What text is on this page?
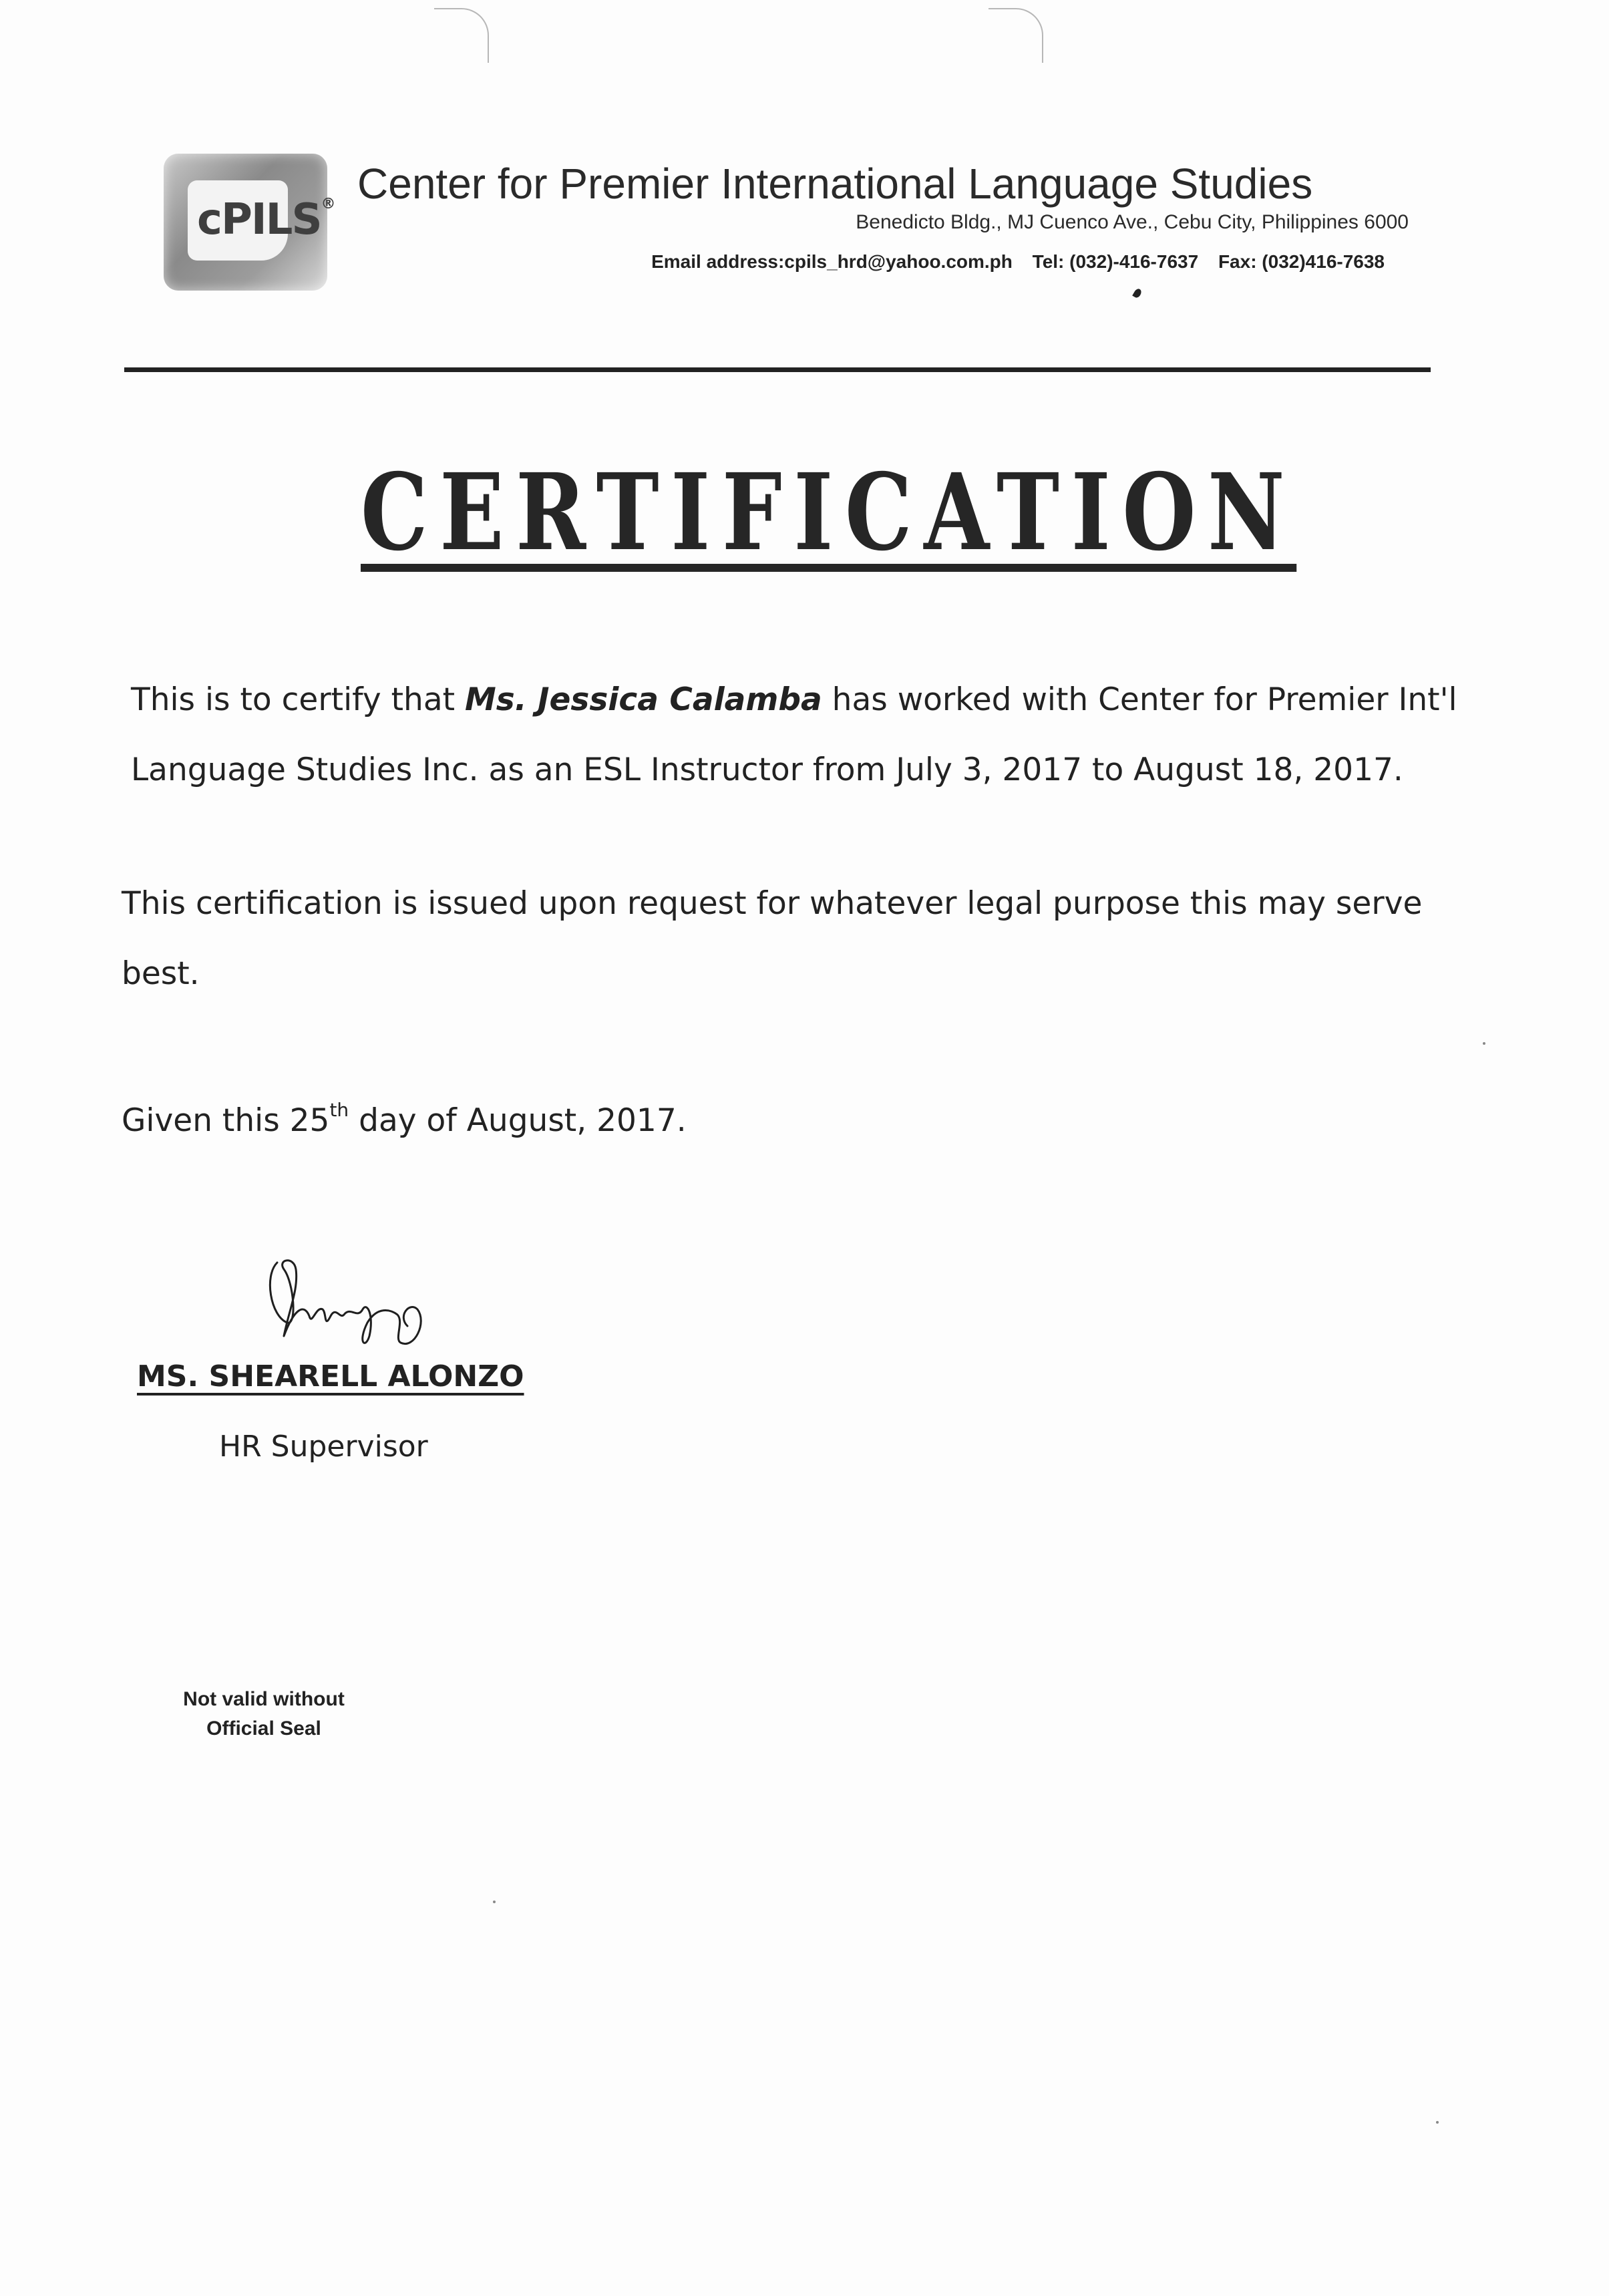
cPILS® Center for Premier International Language Studies
Benedicto Bldg., MJ Cuenco Ave., Cebu City, Philippines 6000
Email address:cpils_hrd@yahoo.com.ph Tel: (032)-416-7637 Fax: (032)416-7638
CERTIFICATION
This is to certify that Ms. Jessica Calamba has worked with Center for Premier Int'l
Language Studies Inc. as an ESL Instructor from July 3, 2017 to August 18, 2017.
This certification is issued upon request for whatever legal purpose this may serve
best.
Given this 25th day of August, 2017.
MS. SHEARELL ALONZO
HR Supervisor
Not valid without
Official Seal
